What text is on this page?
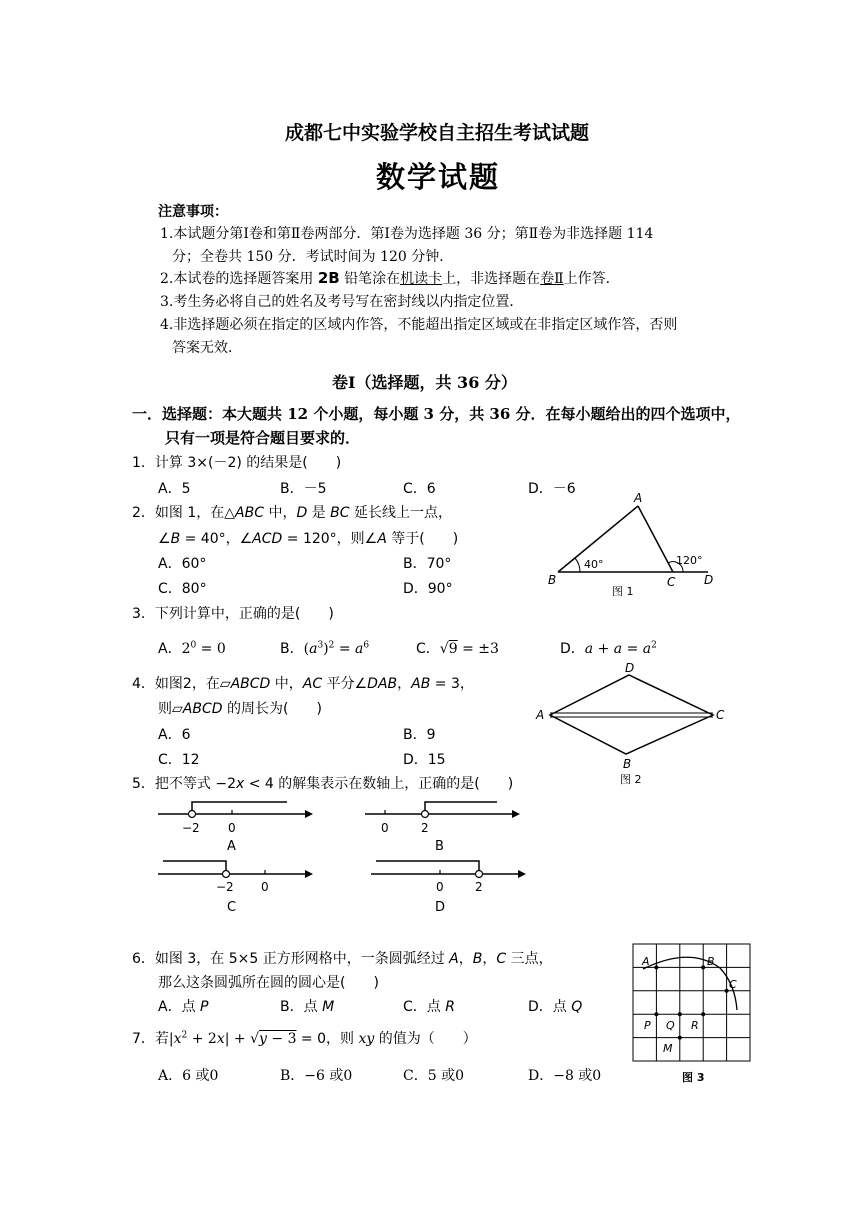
成都七中实验学校自主招生考试试题
数学试题
注意事项：
1.本试题分第Ⅰ卷和第Ⅱ卷两部分．第Ⅰ卷为选择题 36 分；第Ⅱ卷为非选择题 114
分；全卷共 150 分．考试时间为 120 分钟．
2.本试卷的选择题答案用 2B 铅笔涂在机读卡上，非选择题在卷Ⅱ上作答．
3.考生务必将自己的姓名及考号写在密封线以内指定位置．
4.非选择题必须在指定的区域内作答，不能超出指定区域或在非指定区域作答，否则
答案无效．
卷Ⅰ（选择题，共 36 分）
一．选择题：本大题共 12 个小题，每小题 3 分，共 36 分．在每小题给出的四个选项中，
只有一项是符合题目要求的．
1．计算 3×(－2) 的结果是(　　)
A．5	B．－5	C．6	D．－6
2．如图 1，在△ABC 中，D 是 BC 延长线上一点，
∠B = 40°，∠ACD = 120°，则∠A 等于(　　)
A．60°	B．70°
C．80°	D．90°
A
B	C D
40°	120°
图 1
3．下列计算中，正确的是(　　)
A．$2^0 = 0$	B．$(a^3)^2 = a^6$	C．√9 = ±3	D．$a + a = a^2$
4．如图2，在▱ABCD 中，AC 平分∠DAB，AB = 3，
则▱ABCD 的周长为(　　)
A．6	B．9
C．12	D．15
D
A	C
B
图 2
5．把不等式 −2x < 4 的解集表示在数轴上，正确的是(　　)
−2 0
A
0	2
B
−2 0
C
0	2
D
6．如图 3，在 5×5 正方形网格中，一条圆弧经过 A，B，C 三点，
那么这条圆弧所在圆的圆心是(　　)
A．点 P	B．点 M	C．点 R	D．点 Q
7．若$|x^2 + 2x| + √y - 3 = 0$，则 xy 的值为（　　）
A．6 或0	B．−6 或0	C．5 或0	D．−8 或0
A	B
C
P Q R
M
图 3
